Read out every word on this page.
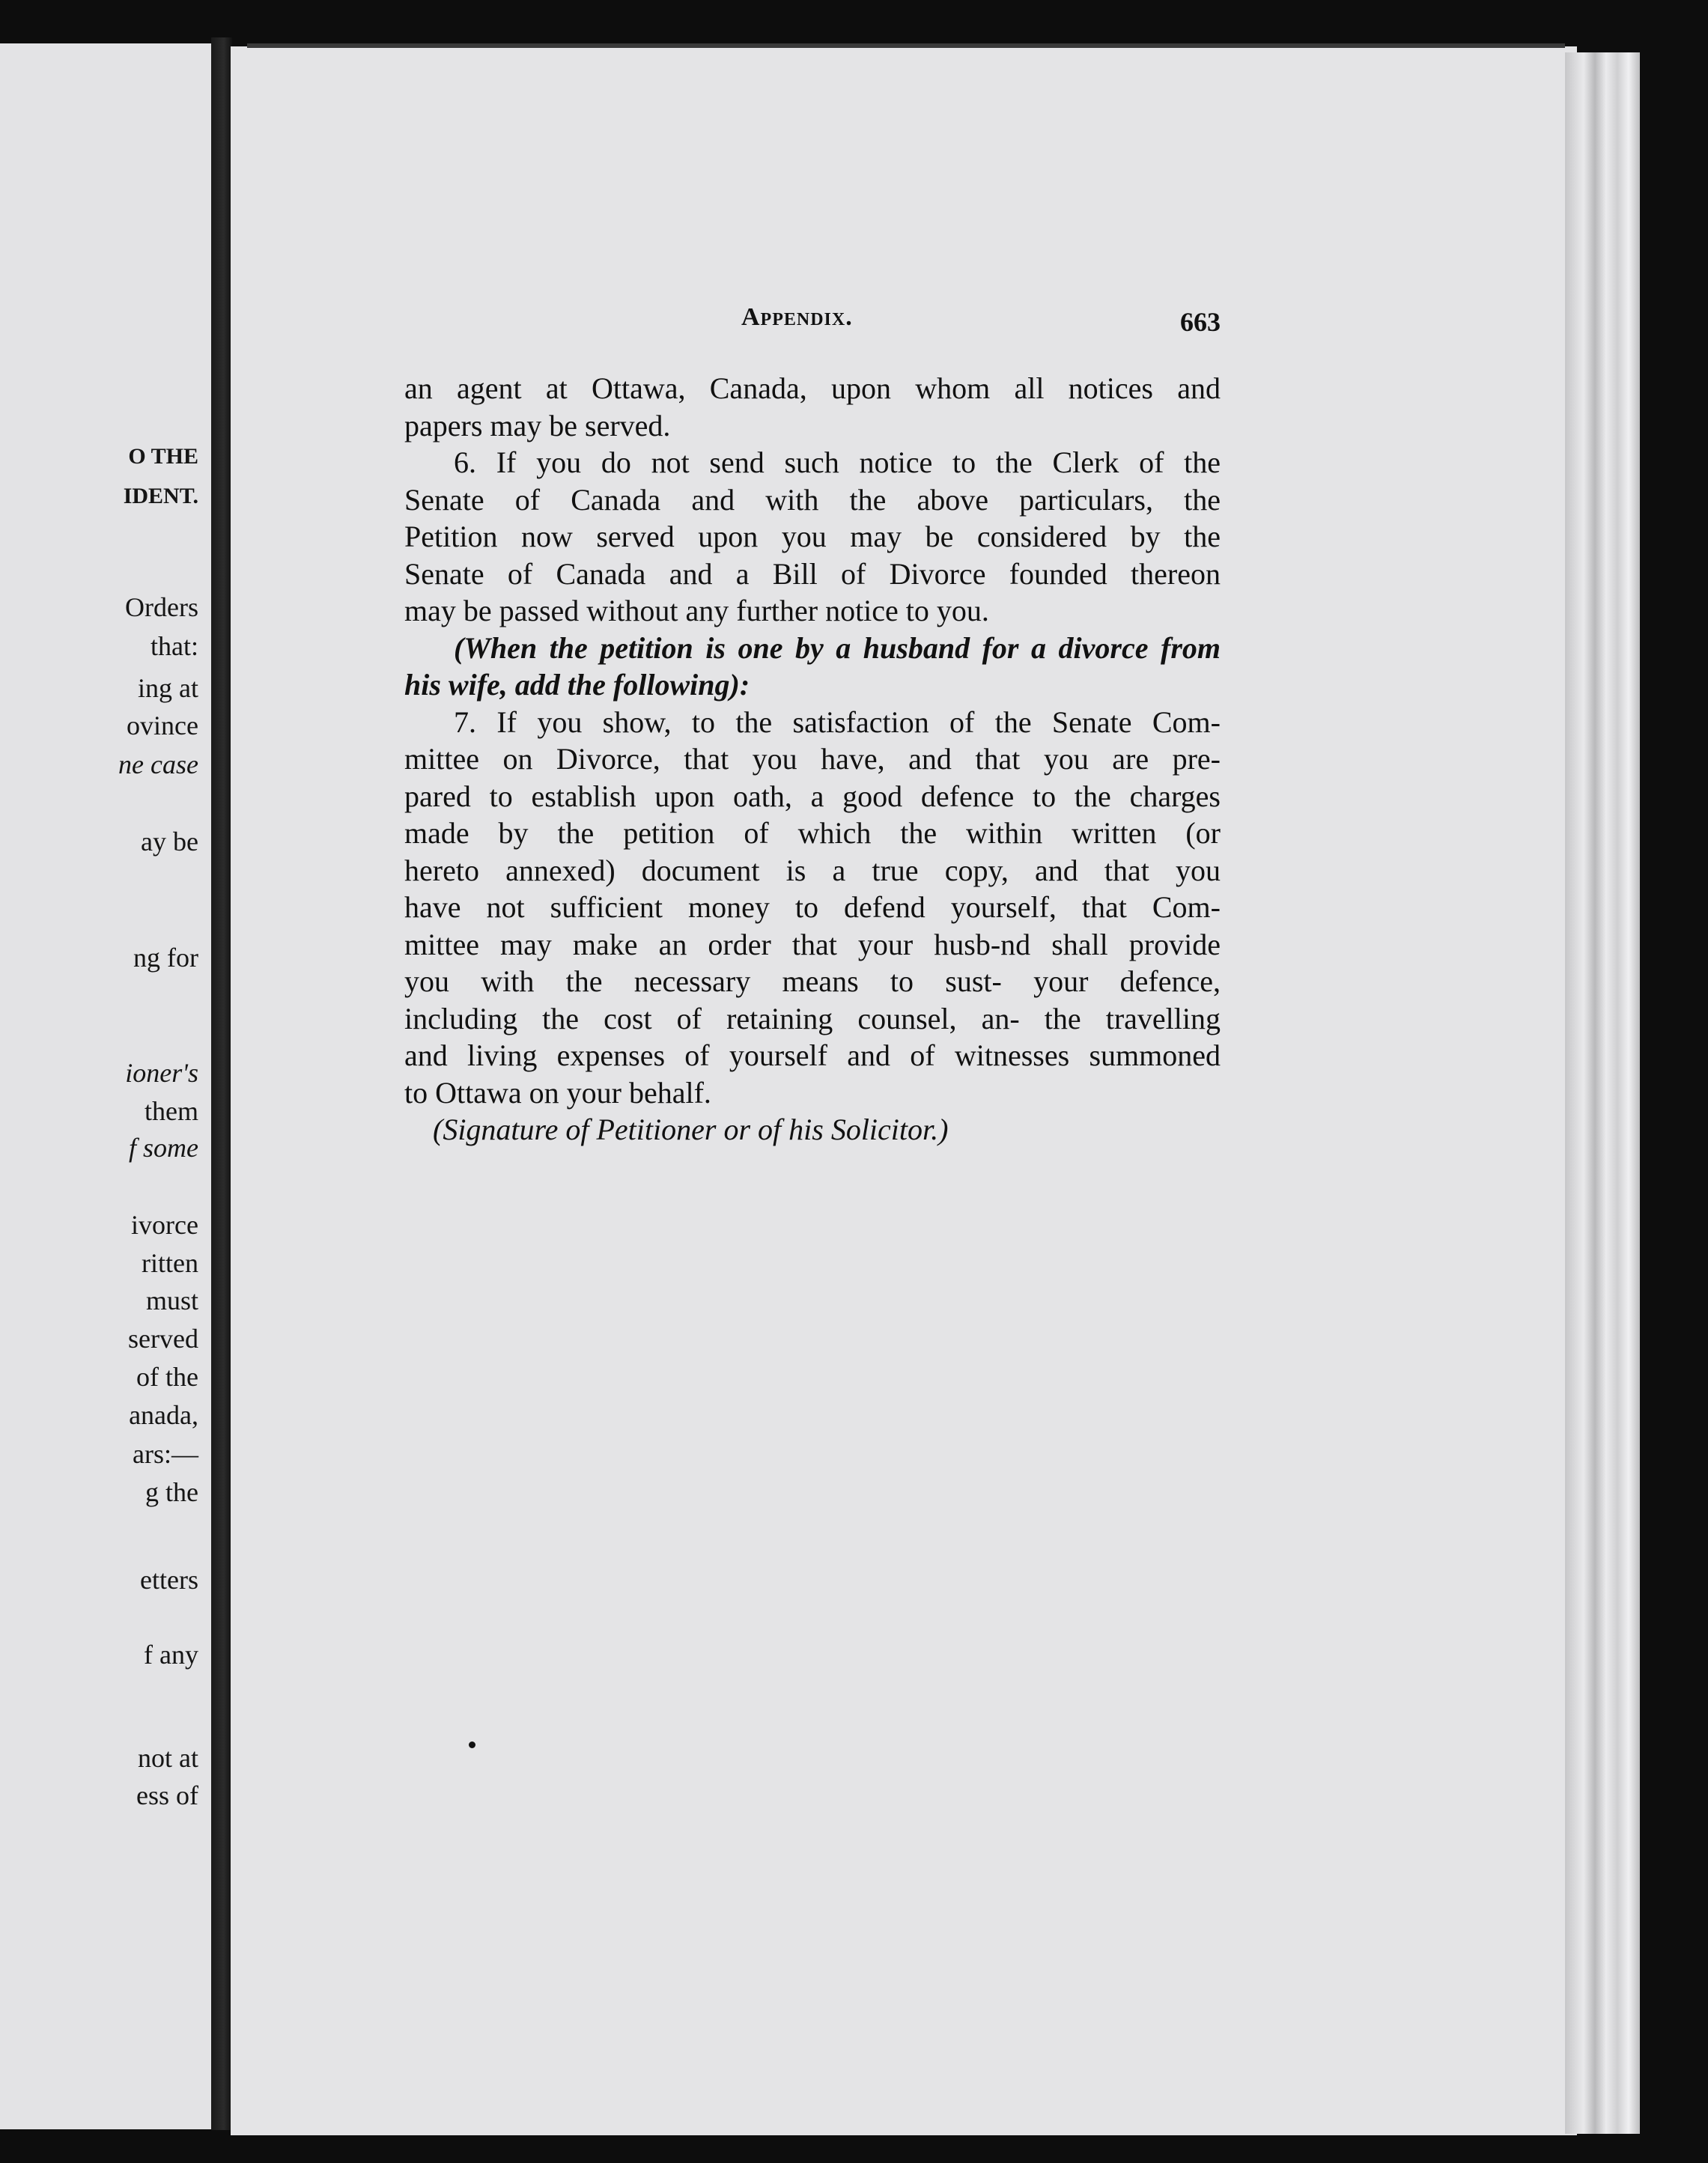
O THE
IDENT.
Orders
that:
ing at
ovince
ne case
ay be
ng for
ioner's
them
f some
ivorce
ritten
must
served
of the
anada,
ars:—
g the
etters
f any
not at
ess of
Appendix.	663
an agent at Ottawa, Canada, upon whom all notices and
papers may be served.
6. If you do not send such notice to the Clerk of the
Senate of Canada and with the above particulars, the
Petition now served upon you may be considered by the
Senate of Canada and a Bill of Divorce founded thereon
may be passed without any further notice to you.
(When the petition is one by a husband for a divorce from
his wife, add the following):
7. If you show, to the satisfaction of the Senate Com-
mittee on Divorce, that you have, and that you are pre-
pared to establish upon oath, a good defence to the charges
made by the petition of which the within written (or
hereto annexed) document is a true copy, and that you
have not sufficient money to defend yourself, that Com-
mittee may make an order that your husb‑nd shall provide
you with the necessary means to sust‑ your defence,
including the cost of retaining counsel, an‑ the travelling
and living expenses of yourself and of witnesses summoned
to Ottawa on your behalf.
(Signature of Petitioner or of his Solicitor.)
